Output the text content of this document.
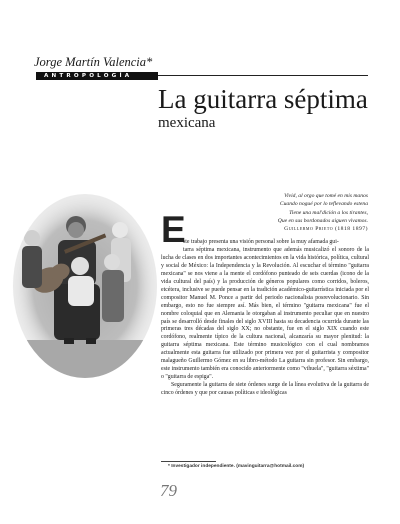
Jorge Martín Valencia*
ANTROPOLOGÍA
La guitarra séptima
mexicana
Vivid, al orgo que tomé en mis manos
Cuando nogué por lo teflevando estena
Tiene una mal'dición a los tirantes,
Que en sus bordonados aiguen vivamos.
Guillermo Prieto (1818 1897)
E

ste trabajo presenta una visión personal sobre la muy afamada gui-
tarra séptima mexicana, instrumento que además musicalizó el sonoro de la lucha de clases en dos importantes acontecimientos en la vida histórica, política, cultural y social de México: la Independencia y la Revolución. Al escuchar el término "guitarra mexicana" se nos viene a la mente el cordófono punteado de seis cuerdas (icono de la vida cultural del país) y la producción de géneros populares como corridos, boleros, etcétera, inclusive se puede pensar en la tradición académico-guitarrística iniciada por el compositor Manuel M. Ponce a partir del periodo nacionalista posrevolucionario. Sin embargo, esto no fue siempre así. Más bien, el término "guitarra mexicana" fue el nombre coloquial que en Alemania le otorgaban al instrumento peculiar que en nuestro país se desarrolló desde finales del siglo XVIII hasta su decadencia ocurrida durante las primeras tres décadas del siglo XX; no obstante, fue en el siglo XIX cuando este cordófono, realmente típico de la cultura nacional, alcanzaría su mayor plenitud: la guitarra séptima mexicana. Este término musicológico con el cual nombramos actualmente esta guitarra fue utilizado por primera vez por el guitarrista y compositor malagueño Guillermo Gómez en su libro-método La guitarra sin profesor. Sin embargo, este instrumento también era conocido anteriormente como "vihuela", "guitarra séxtima" o "guitarra de espiga".

Seguramente la guitarra de siete órdenes surge de la línea evolutiva de la guitarra de cinco órdenes y que por causas políticas e ideológicas

* Investigador independiente. (mavinguitarra@hotmail.com)
79
